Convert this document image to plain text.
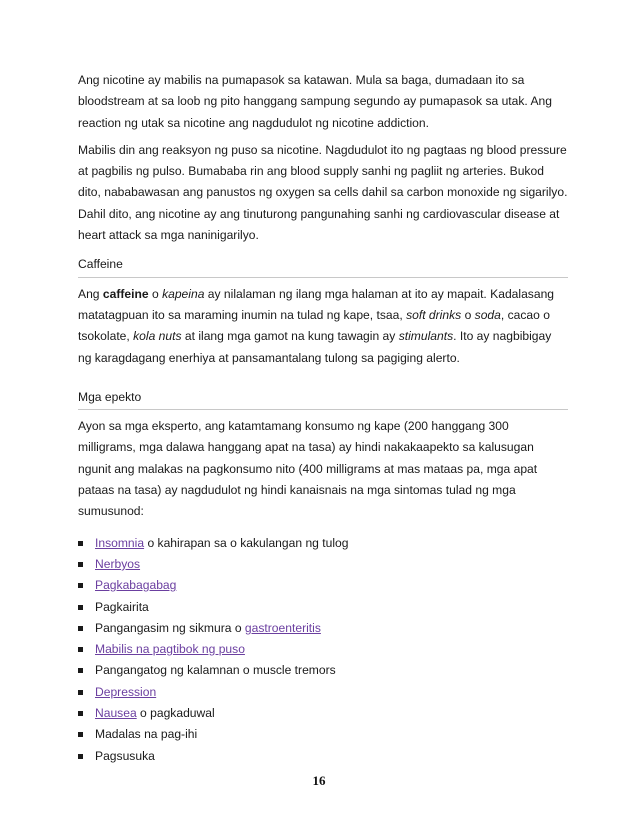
Ang nicotine ay mabilis na pumapasok sa katawan. Mula sa baga, dumadaan ito sa bloodstream at sa loob ng pito hanggang sampung segundo ay pumapasok sa utak. Ang reaction ng utak sa nicotine ang nagdudulot ng nicotine addiction.

Mabilis din ang reaksyon ng puso sa nicotine. Nagdudulot ito ng pagtaas ng blood pressure at pagbilis ng pulso. Bumababa rin ang blood supply sanhi ng pagliit ng arteries. Bukod dito, nababawasan ang panustos ng oxygen sa cells dahil sa carbon monoxide ng sigarilyo. Dahil dito, ang nicotine ay ang tinuturong pangunahing sanhi ng cardiovascular disease at heart attack sa mga naninigarilyo.

Caffeine

Ang caffeine o kapeina ay nilalaman ng ilang mga halaman at ito ay mapait. Kadalasang matatagpuan ito sa maraming inumin na tulad ng kape, tsaa, soft drinks o soda, cacao o tsokolate, kola nuts at ilang mga gamot na kung tawagin ay stimulants. Ito ay nagbibigay ng karagdagang enerhiya at pansamantalang tulong sa pagiging alerto.

Mga epekto

Ayon sa mga eksperto, ang katamtamang konsumo ng kape (200 hanggang 300 milligrams, mga dalawa hanggang apat na tasa) ay hindi nakakaapekto sa kalusugan ngunit ang malakas na pagkonsumo nito (400 milligrams at mas mataas pa, mga apat pataas na tasa) ay nagdudulot ng hindi kanaisnais na mga sintomas tulad ng mga sumusunod:

Insomnia o kahirapan sa o kakulangan ng tulog
Nerbyos
Pagkabagabag
Pagkairita
Pangangasim ng sikmura o gastroenteritis
Mabilis na pagtibok ng puso
Pangangatog ng kalamnan o muscle tremors
Depression
Nausea o pagkaduwal
Madalas na pag-ihi
Pagsusuka
16
